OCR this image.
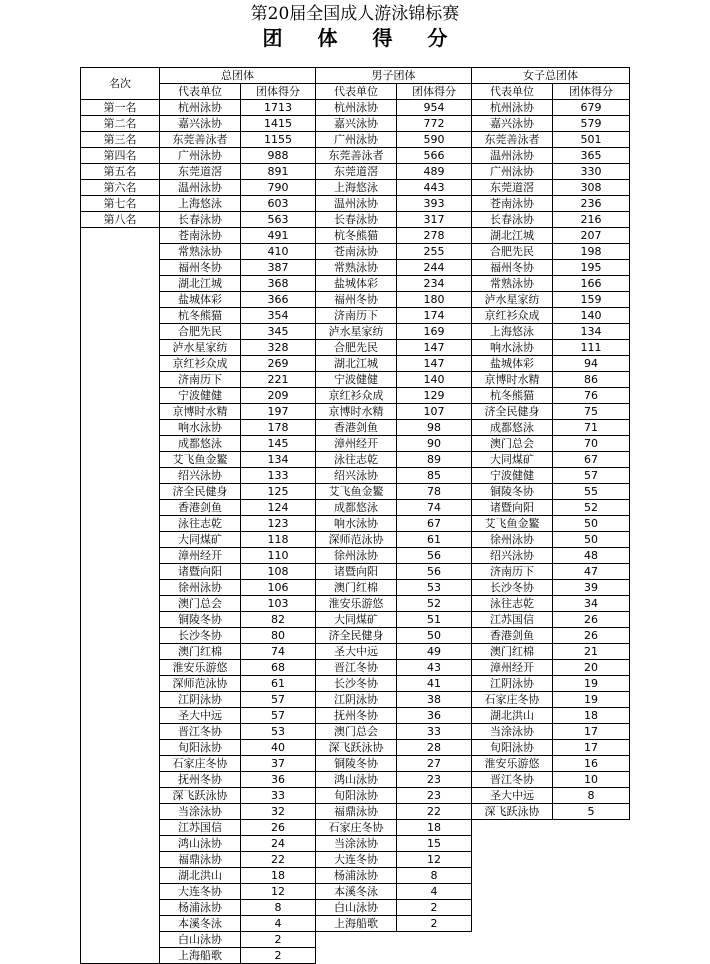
第20届全国成人游泳锦标赛
团 体 得 分
名次	总团体		男子团体		女子总团体	
	代表单位	团体得分	代表单位	团体得分	代表单位	团体得分
第一名	杭州泳协	1713	杭州泳协	954	杭州泳协	679
第二名	嘉兴泳协	1415	嘉兴泳协	772	嘉兴泳协	579
第三名	东莞善泳者	1155	广州泳协	590	东莞善泳者	501
第四名	广州泳协	988	东莞善泳者	566	温州泳协	365
第五名	东莞道滘	891	东莞道滘	489	广州泳协	330
第六名	温州泳协	790	上海悠泳	443	东莞道滘	308
第七名	上海悠泳	603	温州泳协	393	苍南泳协	236
第八名	长春泳协	563	长春泳协	317	长春泳协	216
	苍南泳协	491	杭冬熊猫	278	湖北江城	207
	常熟泳协	410	苍南泳协	255	合肥先民	198
	福州冬协	387	常熟泳协	244	福州冬协	195
	湖北江城	368	盐城体彩	234	常熟泳协	166
	盐城体彩	366	福州冬协	180	泸水星家纺	159
	杭冬熊猫	354	济南历下	174	京红衫众成	140
	合肥先民	345	泸水星家纺	169	上海悠泳	134
	泸水星家纺	328	合肥先民	147	响水泳协	111
	京红衫众成	269	湖北江城	147	盐城体彩	94
	济南历下	221	宁波健健	140	京博时水精	86
	宁波健健	209	京红衫众成	129	杭冬熊猫	76
	京博时水精	197	京博时水精	107	济全民健身	75
	响水泳协	178	香港剑鱼	98	成都悠泳	71
	成都悠泳	145	漳州经开	90	澳门总会	70
	艾飞鱼金鳘	134	泳往志乾	89	大同煤矿	67
	绍兴泳协	133	绍兴泳协	85	宁波健健	57
	济全民健身	125	艾飞鱼金鳘	78	铜陵冬协	55
	香港剑鱼	124	成都悠泳	74	诸暨向阳	52
	泳往志乾	123	响水泳协	67	艾飞鱼金鳘	50
	大同煤矿	118	深师范泳协	61	徐州泳协	50
	漳州经开	110	徐州泳协	56	绍兴泳协	48
	诸暨向阳	108	诸暨向阳	56	济南历下	47
	徐州泳协	106	澳门红棉	53	长沙冬协	39
	澳门总会	103	淮安乐游悠	52	泳往志乾	34
	铜陵冬协	82	大同煤矿	51	江苏国信	26
	长沙冬协	80	济全民健身	50	香港剑鱼	26
	澳门红棉	74	圣大中远	49	澳门红棉	21
	淮安乐游悠	68	晋江冬协	43	漳州经开	20
	深师范泳协	61	长沙冬协	41	江阴泳协	19
	江阴泳协	57	江阴泳协	38	石家庄冬协	19
	圣大中远	57	抚州冬协	36	湖北洪山	18
	晋江冬协	53	澳门总会	33	当涂泳协	17
	旬阳泳协	40	深飞跃泳协	28	旬阳泳协	17
	石家庄冬协	37	铜陵冬协	27	淮安乐游悠	16
	抚州冬协	36	鸿山泳协	23	晋江冬协	10
	深飞跃泳协	33	旬阳泳协	23	圣大中远	8
	当涂泳协	32	福鼎泳协	22	深飞跃泳协	5
	江苏国信	26	石家庄冬协	18		
	鸿山泳协	24	当涂泳协	15		
	福鼎泳协	22	大连冬协	12		
	湖北洪山	18	杨浦泳协	8		
	大连冬协	12	本溪冬泳	4		
	杨浦泳协	8	白山泳协	2		
	本溪冬泳	4	上海船歌	2		
	白山泳协	2				
	上海船歌	2				
